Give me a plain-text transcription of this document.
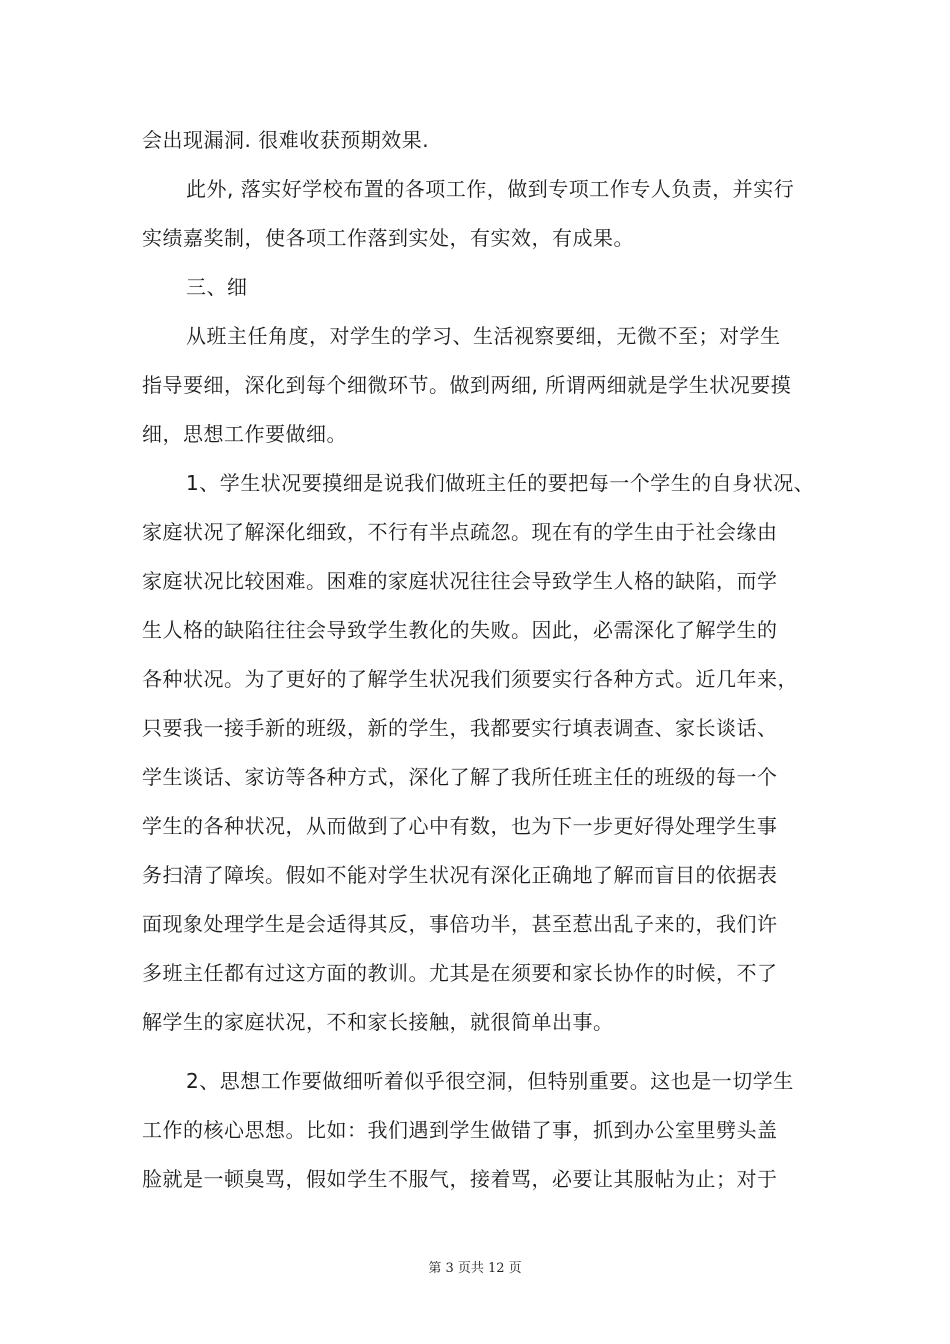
会出现漏洞. 很难收获预期效果.
此外, 落实好学校布置的各项工作，做到专项工作专人负责，并实行
实绩嘉奖制，使各项工作落到实处，有实效，有成果。
三、细
从班主任角度，对学生的学习、生活视察要细，无微不至；对学生
指导要细，深化到每个细微环节。做到两细, 所谓两细就是学生状况要摸
细，思想工作要做细。
1、学生状况要摸细是说我们做班主任的要把每一个学生的自身状况、
家庭状况了解深化细致，不行有半点疏忽。现在有的学生由于社会缘由
家庭状况比较困难。困难的家庭状况往往会导致学生人格的缺陷，而学
生人格的缺陷往往会导致学生教化的失败。因此，必需深化了解学生的
各种状况。为了更好的了解学生状况我们须要实行各种方式。近几年来，
只要我一接手新的班级，新的学生，我都要实行填表调查、家长谈话、
学生谈话、家访等各种方式，深化了解了我所任班主任的班级的每一个
学生的各种状况，从而做到了心中有数，也为下一步更好得处理学生事
务扫清了障埃。假如不能对学生状况有深化正确地了解而盲目的依据表
面现象处理学生是会适得其反，事倍功半，甚至惹出乱子来的，我们许
多班主任都有过这方面的教训。尤其是在须要和家长协作的时候，不了
解学生的家庭状况，不和家长接触，就很简单出事。
2、思想工作要做细听着似乎很空洞，但特别重要。这也是一切学生
工作的核心思想。比如：我们遇到学生做错了事，抓到办公室里劈头盖
脸就是一顿臭骂，假如学生不服气，接着骂，必要让其服帖为止；对于
第 3 页共 12 页
